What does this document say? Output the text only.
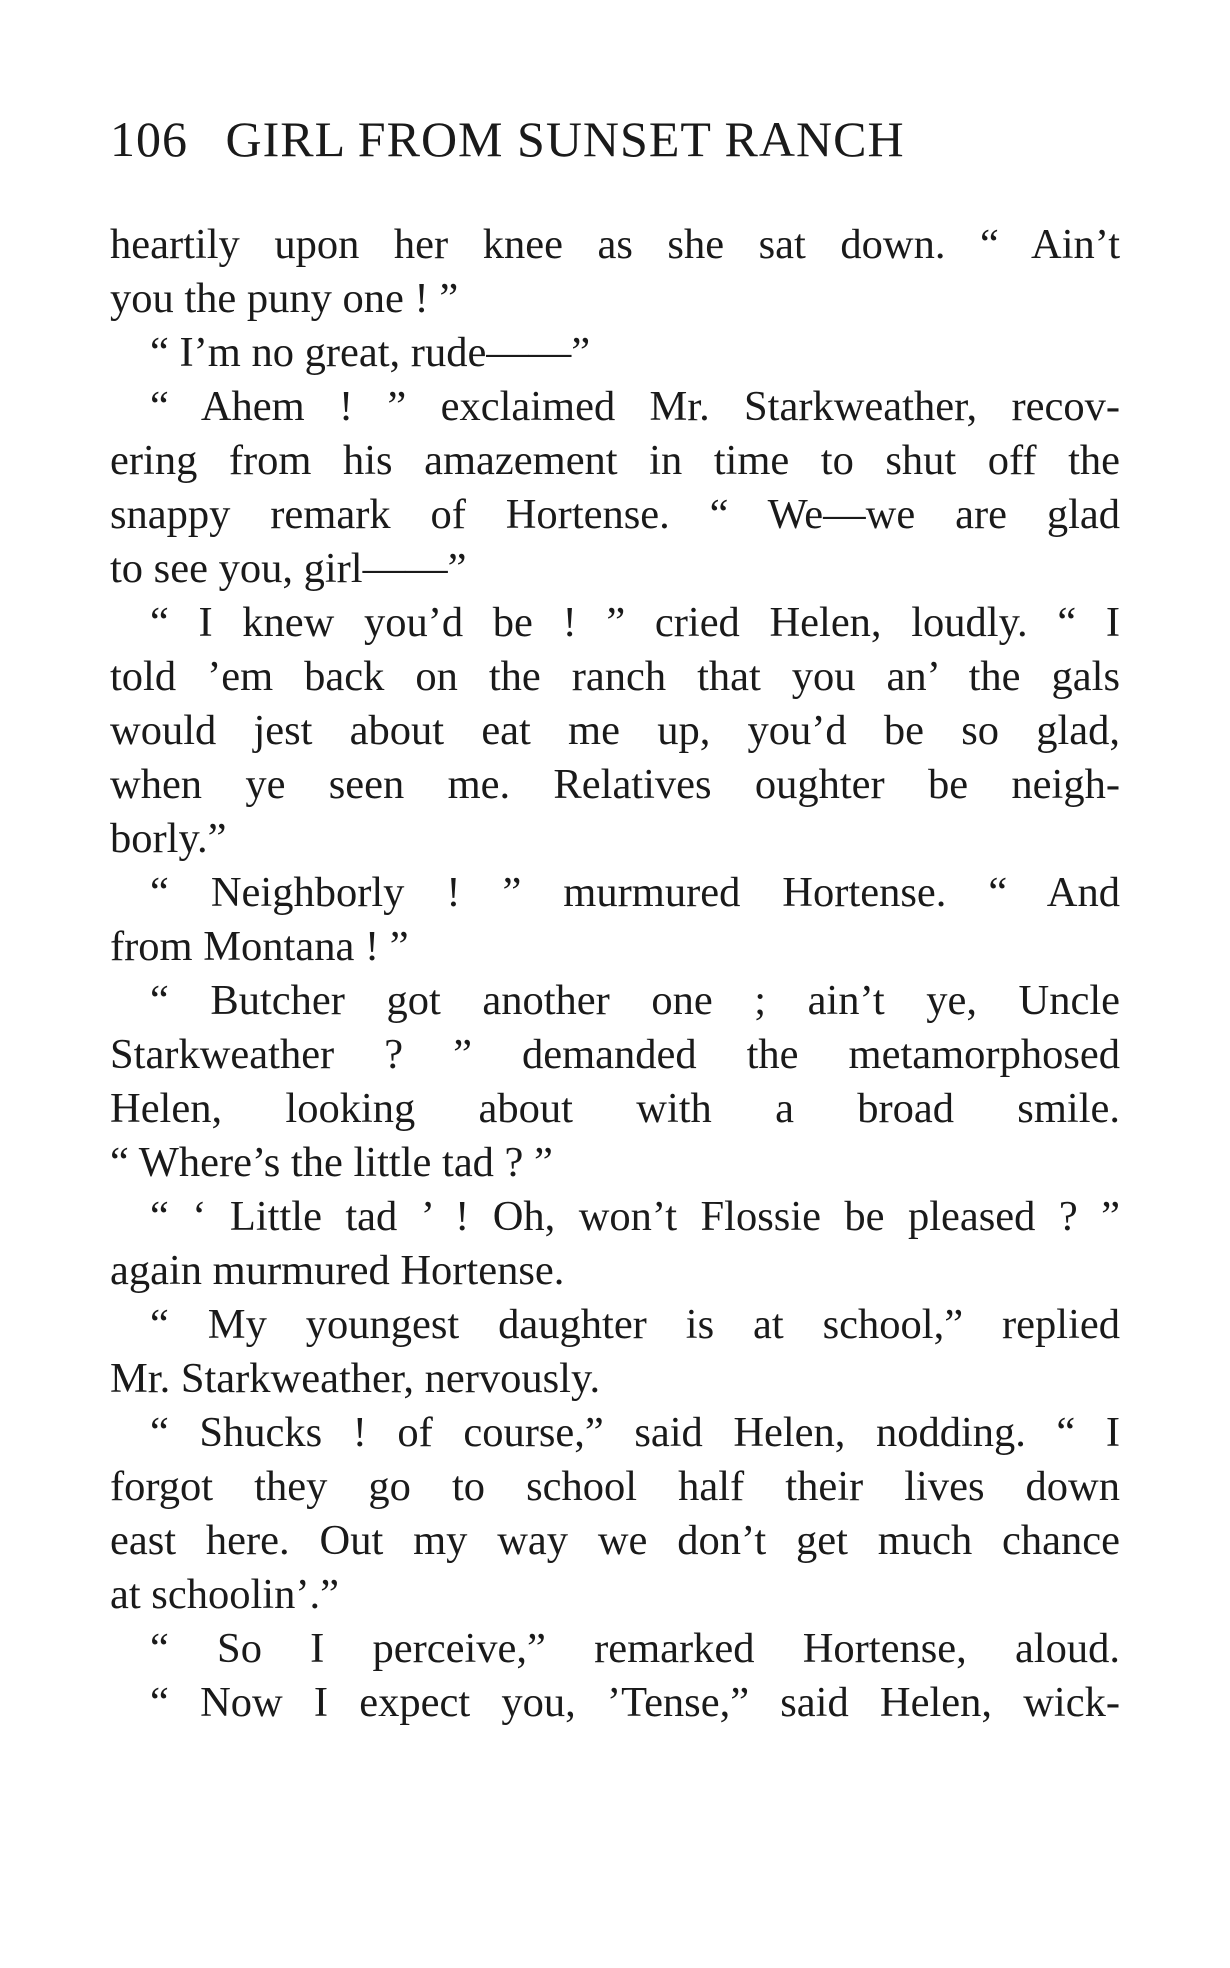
106 GIRL FROM SUNSET RANCH
heartily upon her knee as she sat down. “ Ain’t
you the puny one ! ”
“ I’m no great, rude——”
“ Ahem ! ” exclaimed Mr. Starkweather, recov-
ering from his amazement in time to shut off the
snappy remark of Hortense. “ We—we are glad
to see you, girl——”
“ I knew you’d be ! ” cried Helen, loudly. “ I
told ’em back on the ranch that you an’ the gals
would jest about eat me up, you’d be so glad,
when ye seen me. Relatives oughter be neigh-
borly.”
“ Neighborly ! ” murmured Hortense. “ And
from Montana ! ”
“ Butcher got another one ; ain’t ye, Uncle
Starkweather ? ” demanded the metamorphosed
Helen, looking about with a broad smile.
“ Where’s the little tad ? ”
“ ‘ Little tad ’ ! Oh, won’t Flossie be pleased ? ”
again murmured Hortense.
“ My youngest daughter is at school,” replied
Mr. Starkweather, nervously.
“ Shucks ! of course,” said Helen, nodding. “ I
forgot they go to school half their lives down
east here. Out my way we don’t get much chance
at schoolin’.”
“ So I perceive,” remarked Hortense, aloud.
“ Now I expect you, ’Tense,” said Helen, wick-
